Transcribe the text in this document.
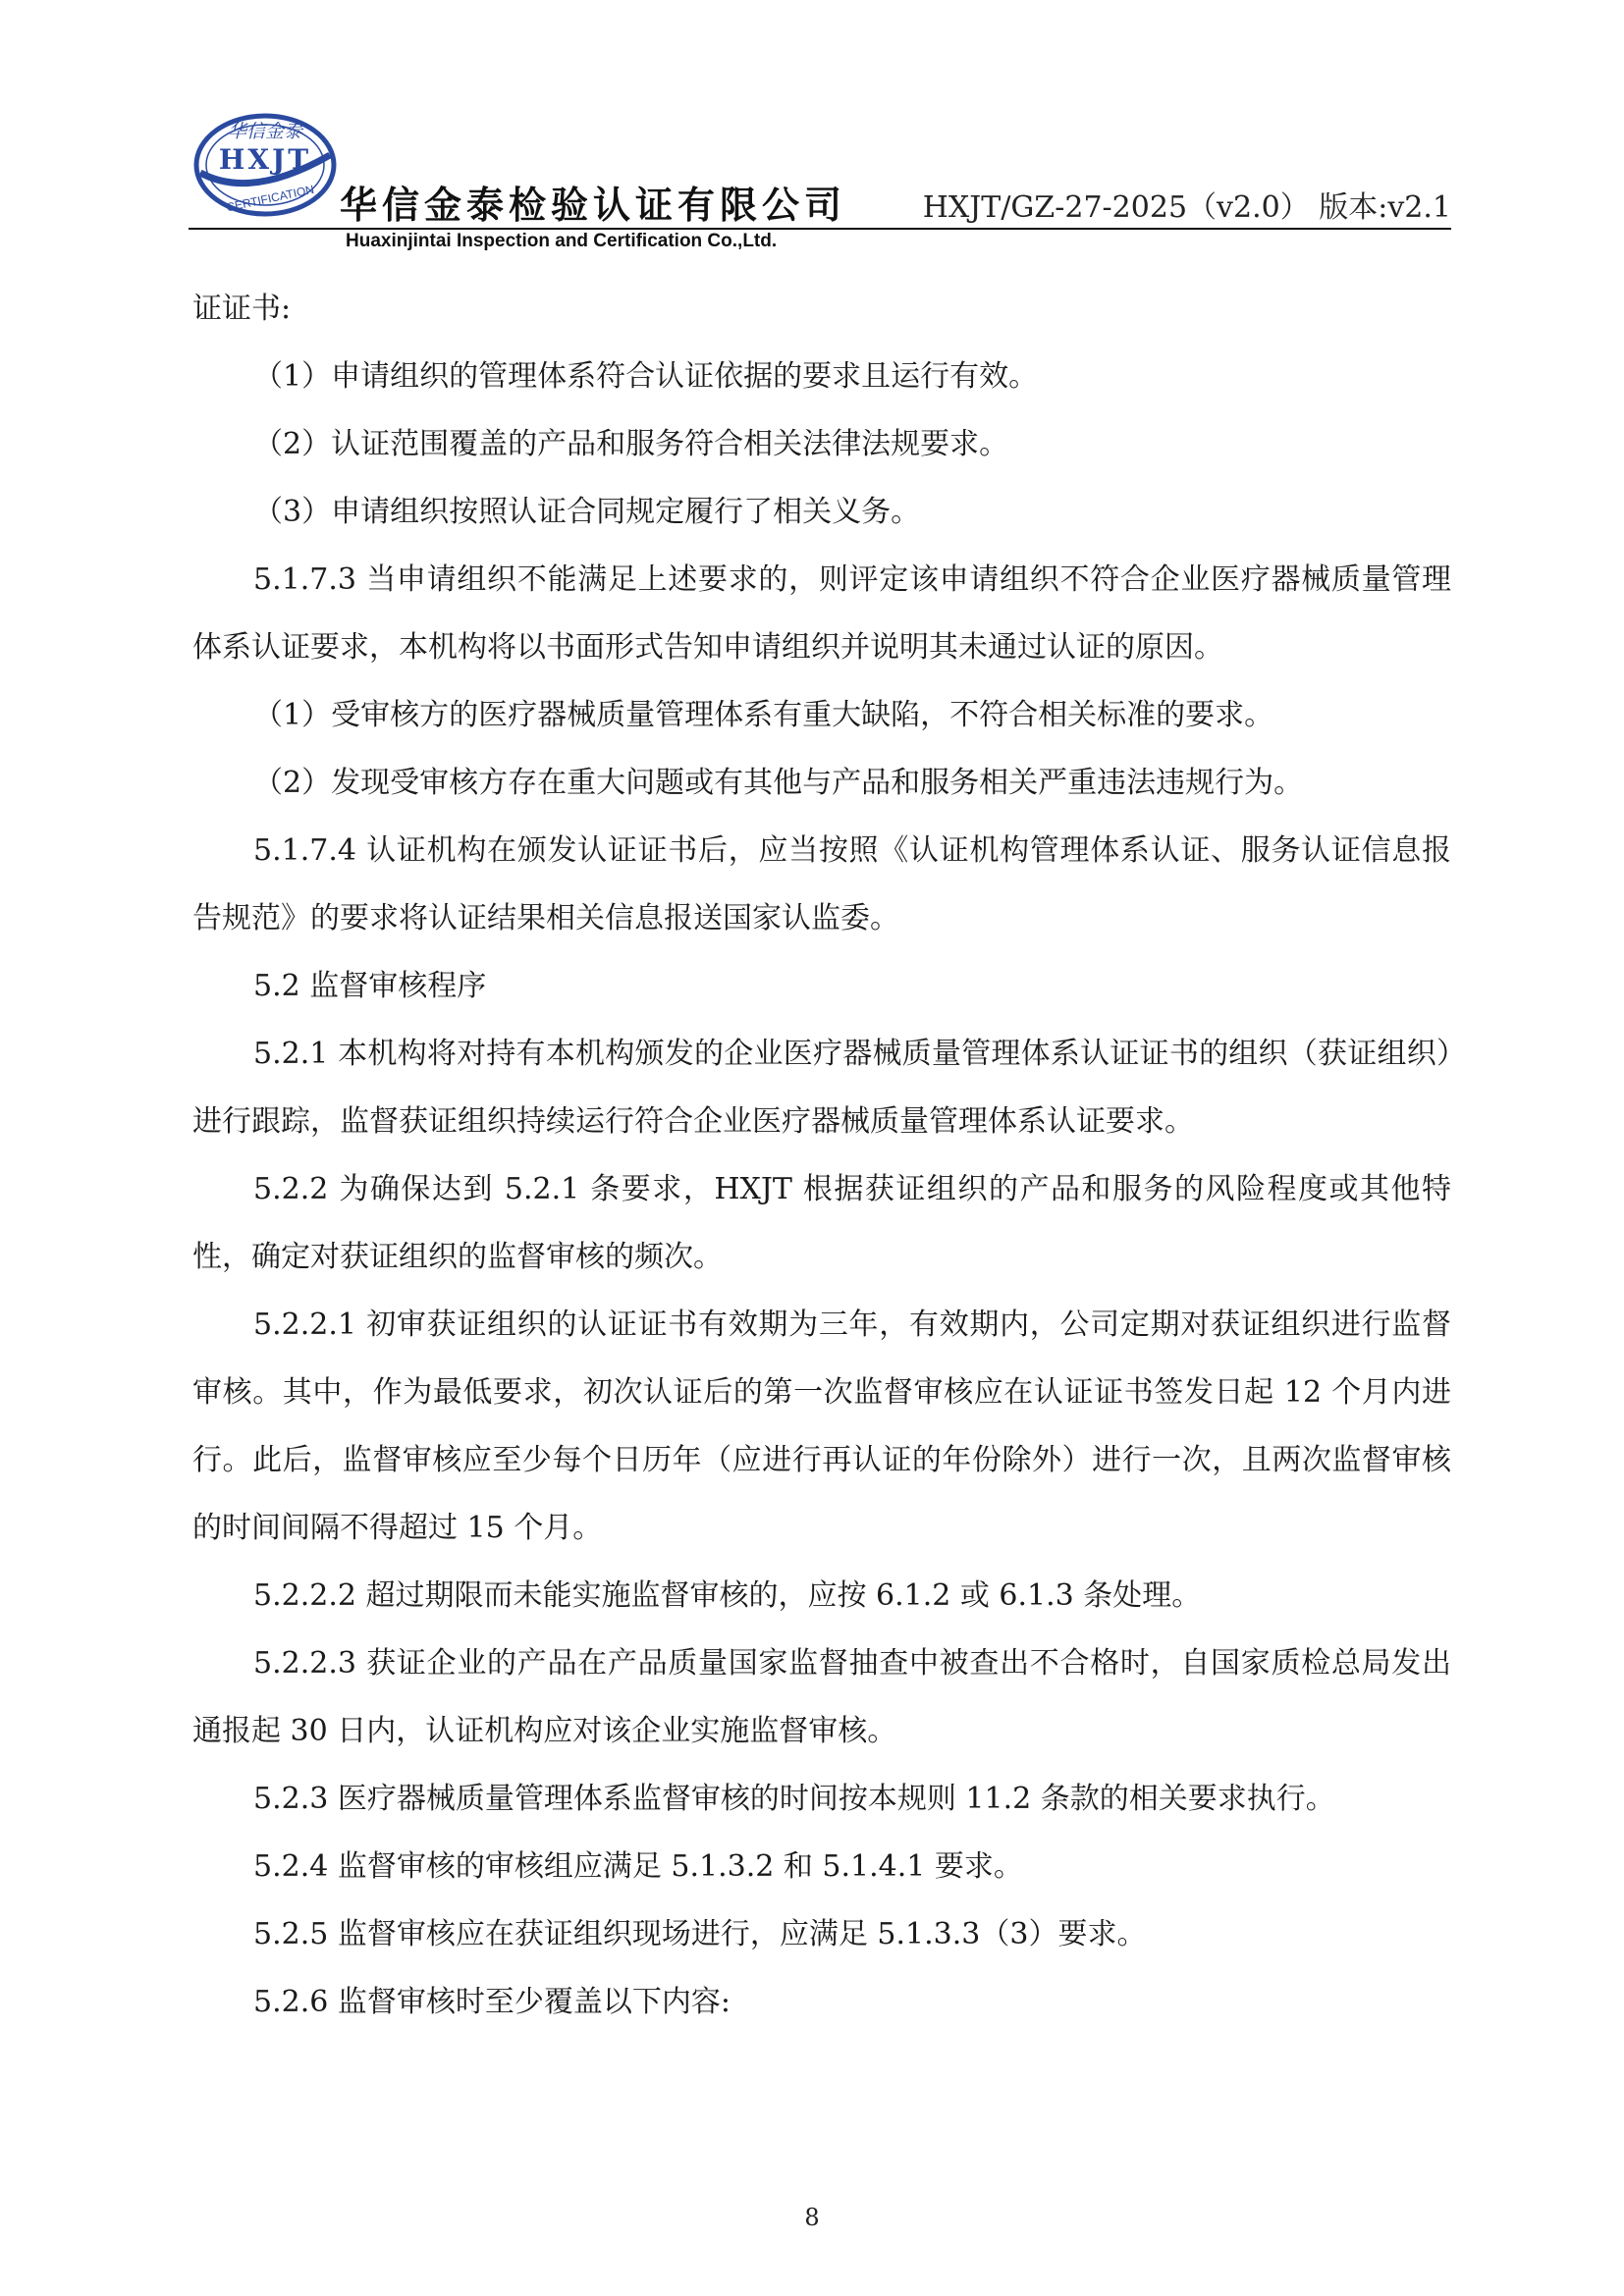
华信金泰
HXJT
CERTIFICATION 华信金泰检验认证有限公司	HXJT/GZ-27-2025（v2.0） 版本:v2.1
Huaxinjintai Inspection and Certification Co.,Ltd.

证证书:

（1）申请组织的管理体系符合认证依据的要求且运行有效。

（2）认证范围覆盖的产品和服务符合相关法律法规要求。

（3）申请组织按照认证合同规定履行了相关义务。

5.1.7.3 当申请组织不能满足上述要求的，则评定该申请组织不符合企业医疗器械质量管理体系认证要求，本机构将以书面形式告知申请组织并说明其未通过认证的原因。

（1）受审核方的医疗器械质量管理体系有重大缺陷，不符合相关标准的要求。

（2）发现受审核方存在重大问题或有其他与产品和服务相关严重违法违规行为。

5.1.7.4 认证机构在颁发认证证书后，应当按照《认证机构管理体系认证、服务认证信息报告规范》的要求将认证结果相关信息报送国家认监委。

5.2 监督审核程序

5.2.1 本机构将对持有本机构颁发的企业医疗器械质量管理体系认证证书的组织（获证组织）进行跟踪，监督获证组织持续运行符合企业医疗器械质量管理体系认证要求。

5.2.2 为确保达到 5.2.1 条要求，HXJT 根据获证组织的产品和服务的风险程度或其他特性，确定对获证组织的监督审核的频次。

5.2.2.1 初审获证组织的认证证书有效期为三年，有效期内，公司定期对获证组织进行监督审核。其中，作为最低要求，初次认证后的第一次监督审核应在认证证书签发日起 12 个月内进行。此后，监督审核应至少每个日历年（应进行再认证的年份除外）进行一次，且两次监督审核的时间间隔不得超过 15 个月。

5.2.2.2 超过期限而未能实施监督审核的，应按 6.1.2 或 6.1.3 条处理。

5.2.2.3 获证企业的产品在产品质量国家监督抽查中被查出不合格时，自国家质检总局发出通报起 30 日内，认证机构应对该企业实施监督审核。

5.2.3 医疗器械质量管理体系监督审核的时间按本规则 11.2 条款的相关要求执行。

5.2.4 监督审核的审核组应满足 5.1.3.2 和 5.1.4.1 要求。

5.2.5 监督审核应在获证组织现场进行，应满足 5.1.3.3（3）要求。

5.2.6 监督审核时至少覆盖以下内容:

8
